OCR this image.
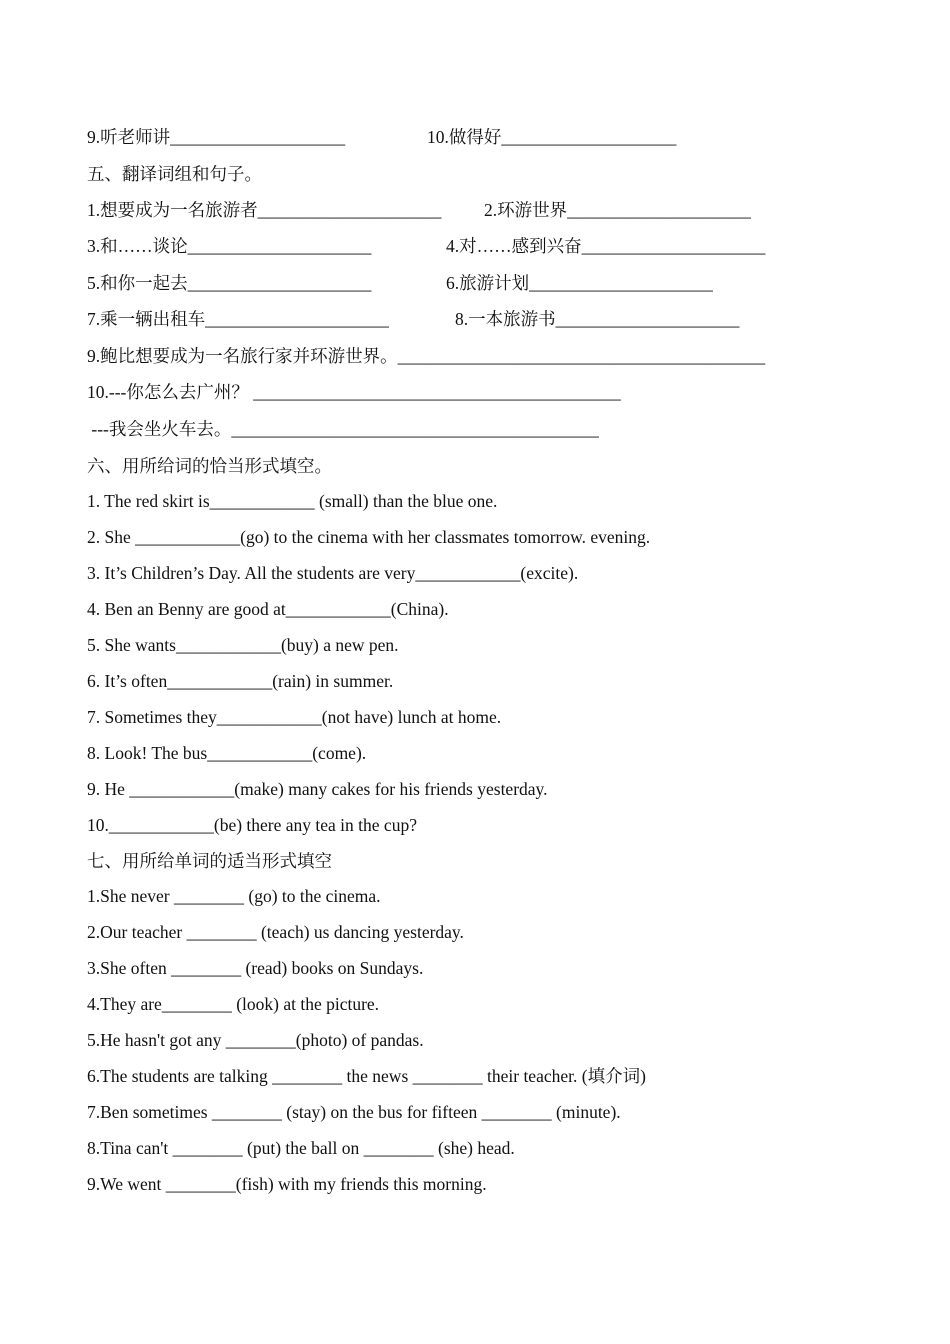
9.听老师讲____________________	10.做得好____________________
五、翻译词组和句子。
1.想要成为一名旅游者_____________________ 2.环游世界_____________________
3.和……谈论_____________________	4.对……感到兴奋_____________________
5.和你一起去_____________________	6.旅游计划_____________________
7.乘一辆出租车_____________________	8.一本旅游书_____________________
9.鲍比想要成为一名旅行家并环游世界。__________________________________________
10.---你怎么去广州？ __________________________________________
---我会坐火车去。__________________________________________
六、用所给词的恰当形式填空。
1. The red skirt is____________ (small) than the blue one.
2. She ____________(go) to the cinema with her classmates tomorrow. evening.
3. It’s Children’s Day. All the students are very____________(excite).
4. Ben an Benny are good at____________(China).
5. She wants____________(buy) a new pen.
6. It’s often____________(rain) in summer.
7. Sometimes they____________(not have) lunch at home.
8. Look! The bus____________(come).
9. He ____________(make) many cakes for his friends yesterday.
10.____________(be) there any tea in the cup?
七、用所给单词的适当形式填空
1.She never ________ (go) to the cinema.
2.Our teacher ________ (teach) us dancing yesterday.
3.She often ________ (read) books on Sundays.
4.They are________ (look) at the picture.
5.He hasn't got any ________(photo) of pandas.
6.The students are talking ________ the news ________ their teacher. (填介词)
7.Ben sometimes ________ (stay) on the bus for fifteen ________ (minute).
8.Tina can't ________ (put) the ball on ________ (she) head.
9.We went ________(fish) with my friends this morning.
